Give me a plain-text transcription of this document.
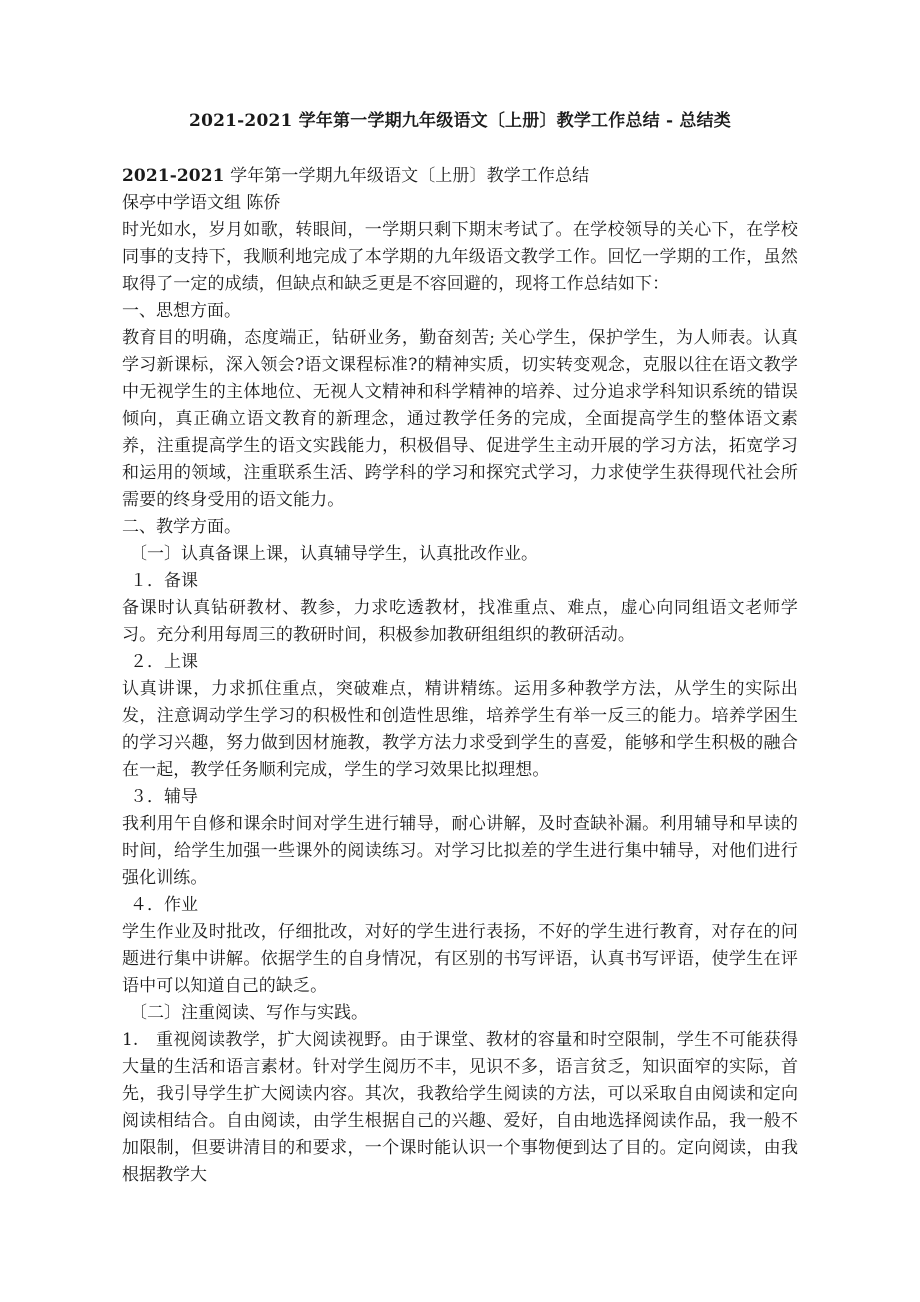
2021-2021 学年第一学期九年级语文〔上册〕教学工作总结 - 总结类
2021-2021 学年第一学期九年级语文〔上册〕教学工作总结
保亭中学语文组 陈侨

时光如水，岁月如歌，转眼间，一学期只剩下期末考试了。在学校领导的关心下，在学校同事的支持下，我顺利地完成了本学期的九年级语文教学工作。回忆一学期的工作，虽然取得了一定的成绩，但缺点和缺乏更是不容回避的，现将工作总结如下：

一、思想方面。

教育目的明确，态度端正，钻研业务，勤奋刻苦; 关心学生，保护学生，为人师表。认真学习新课标，深入领会?语文课程标准?的精神实质，切实转变观念，克服以往在语文教学中无视学生的主体地位、无视人文精神和科学精神的培养、过分追求学科知识系统的错误倾向，真正确立语文教育的新理念，通过教学任务的完成，全面提高学生的整体语文素养，注重提高学生的语文实践能力，积极倡导、促进学生主动开展的学习方法，拓宽学习和运用的领域，注重联系生活、跨学科的学习和探究式学习，力求使学生获得现代社会所需要的终身受用的语文能力。

二、教学方面。

〔一〕认真备课上课，认真辅导学生，认真批改作业。

１．备课

备课时认真钻研教材、教参，力求吃透教材，找准重点、难点，虚心向同组语文老师学习。充分利用每周三的教研时间，积极参加教研组组织的教研活动。

２．上课

认真讲课，力求抓住重点，突破难点，精讲精练。运用多种教学方法，从学生的实际出发，注意调动学生学习的积极性和创造性思维，培养学生有举一反三的能力。培养学困生的学习兴趣，努力做到因材施教，教学方法力求受到学生的喜爱，能够和学生积极的融合在一起，教学任务顺利完成，学生的学习效果比拟理想。

３．辅导

我利用午自修和课余时间对学生进行辅导，耐心讲解，及时查缺补漏。利用辅导和早读的时间，给学生加强一些课外的阅读练习。对学习比拟差的学生进行集中辅导，对他们进行强化训练。

４．作业

学生作业及时批改，仔细批改，对好的学生进行表扬，不好的学生进行教育，对存在的问题进行集中讲解。依据学生的自身情况，有区别的书写评语，认真书写评语，使学生在评语中可以知道自己的缺乏。

〔二〕注重阅读、写作与实践。

1.　重视阅读教学，扩大阅读视野。由于课堂、教材的容量和时空限制，学生不可能获得大量的生活和语言素材。针对学生阅历不丰，见识不多，语言贫乏，知识面窄的实际，首先，我引导学生扩大阅读内容。其次，我教给学生阅读的方法，可以采取自由阅读和定向阅读相结合。自由阅读，由学生根据自己的兴趣、爱好，自由地选择阅读作品，我一般不加限制，但要讲清目的和要求，一个课时能认识一个事物便到达了目的。定向阅读，由我根据教学大
